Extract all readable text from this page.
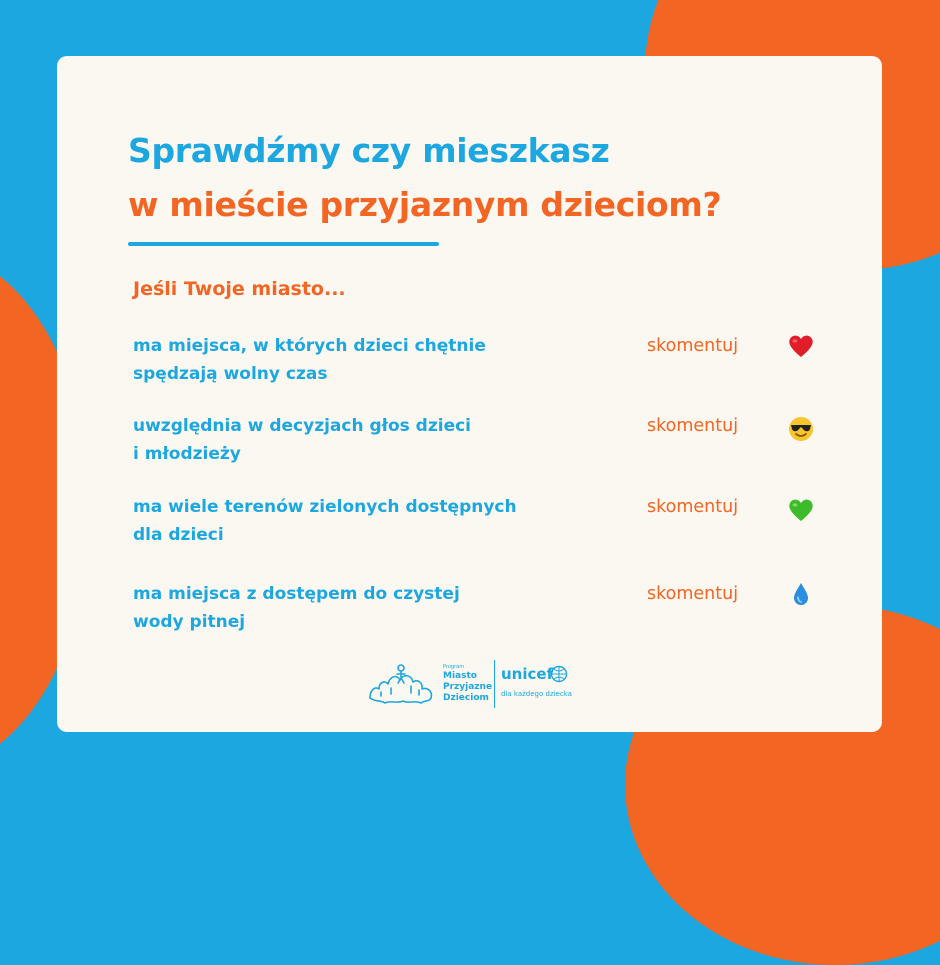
Sprawdźmy czy mieszkasz
w mieście przyjaznym dzieciom?

Jeśli Twoje miasto...

ma miejsca, w których dzieci chętnie
spędzają wolny czas
skomentuj
uwzględnia w decyzjach głos dzieci
i młodzieży
skomentuj
ma wiele terenów zielonych dostępnych
dla dzieci
skomentuj
ma miejsca z dostępem do czystej
wody pitnej
skomentuj
Program
Miasto
Przyjazne
Dzieciom
unicef
dla każdego dziecka
